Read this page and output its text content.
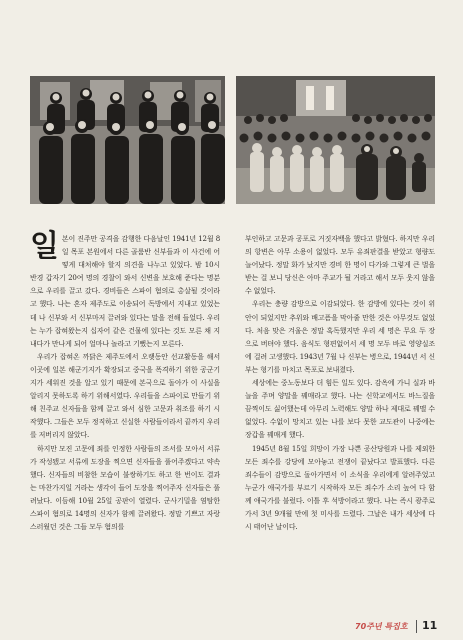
일본이 진주만 공격을 감행한 다음날인 1941년 12월 8일 목포 본원에서 다른 골룸반 신부들과 이 사건에 어떻게 대처해야 할지 의견을 나누고 있었다. 밤 10시 반경 갑자기 20여 명의 경찰이 와서 신변을 보호해 준다는 명분으로 우리를 끌고 갔다. 경비들은 스파이 혐의로 총살될 것이라고 했다. 나는 혼자 제주도로 이송되어 독방에서 지내고 있었는데 나 신부와 서 신부마저 끌려와 있다는 말을 전해 들었다. 우리는 누가 잡혀왔는지 십자어 같은 건물에 있다는 것도 모른 채 지내다가 만나게 되어 얼마나 놀라고 기뻤는지 모른다.

우리가 잡혀온 까닭은 제주도에서 오랫동안 선교활동을 해서 이곳에 일본 해군기지가 확장되고 중국을 폭격하기 위한 공군기지가 세워진 것을 알고 있기 때문에 본국으로 돌아가 이 사실을 알리지 못하도록 하기 위해서였다. 우리들을 스파이로 만들기 위해 친주교 신자들을 함께 끌고 와서 심한 고문과 취조를 하기 시작했다. 그들은 모두 정직하고 신실한 사람들이라서 끝까지 우리를 저버리지 않았다.

하지만 모진 고문에 죄를 인정한 사람들의 조서를 모아서 서류가 작성됐고 서류에 도장을 찍으면 신자들을 풀어주겠다고 약속했다. 신자들의 비참한 모습이 불쌍하기도 하고 한 번이도 결과는 마찬가지일 거라는 생각이 들어 도장을 찍어주자 신자들은 풀려났다. 이듬해 10월 25일 공판이 열렸다. 군사기밀을 염탐한 스파이 혐의로 14명의 신자가 함께 끌려왔다. 정말 기쁘고 자랑스러웠던 것은 그들 모두 혐의를

부인하고 고문과 공포로 거짓자백을 했다고 밝혔다. 하지만 우리의 항변은 아무 소용이 없었다. 모두 유죄판결을 받았고 형량도 늘어났다. 정말 화가 났지만 경비 한 명이 다가와 그렇게 큰 벌을 받는 걸 보니 당신은 아마 주교가 될 거라고 해서 모두 웃지 않을 수 없었다.

우리는 충량 감방으로 이감되었다. 한 감방에 있다는 것이 위안이 되었지만 추위와 배고픔을 막아줄 만한 것은 아무것도 없었다. 처음 맞은 겨울은 정말 혹독했지만 우리 세 명은 무요 두 장으로 버텨야 했다. 음식도 형편없어서 세 명 모두 바로 영양실조에 걸려 고생했다. 1943년 7월 나 신부는 병으로, 1944년 서 신부는 형기를 마치고 목포로 보내졌다.

세상에는 중노동보다 더 힘든 일도 있다. 감옥에 가니 실과 바늘을 주며 양말을 꿰매라고 했다. 나는 신학교에서도 바느질을 끔찍이도 싫어했는데 아무리 노력해도 양말 하나 제대로 꿰맬 수 없었다. 수없이 망치고 있는 나를 보다 못한 교도관이 나중에는 장갑을 꿰매게 했다.

1945년 8월 15일 희망이 가장 나쁜 공산당원과 나를 제외한 모든 죄수를 강당에 모아놓고 전쟁이 끝났다고 발표했다. 다른 죄수들이 감방으로 돌아가면서 이 소식을 우리에게 알려주었고 누군가 애국가를 부르기 시작하자 모든 죄수가 소리 높여 다 함께 애국가를 불렀다. 이틀 후 석방이라고 했다. 나는 즉시 광주로 가서 3년 9개월 만에 첫 미사를 드렸다. 그날은 내가 세상에 다시 태어난 날이다.

70주년 특집호 11
